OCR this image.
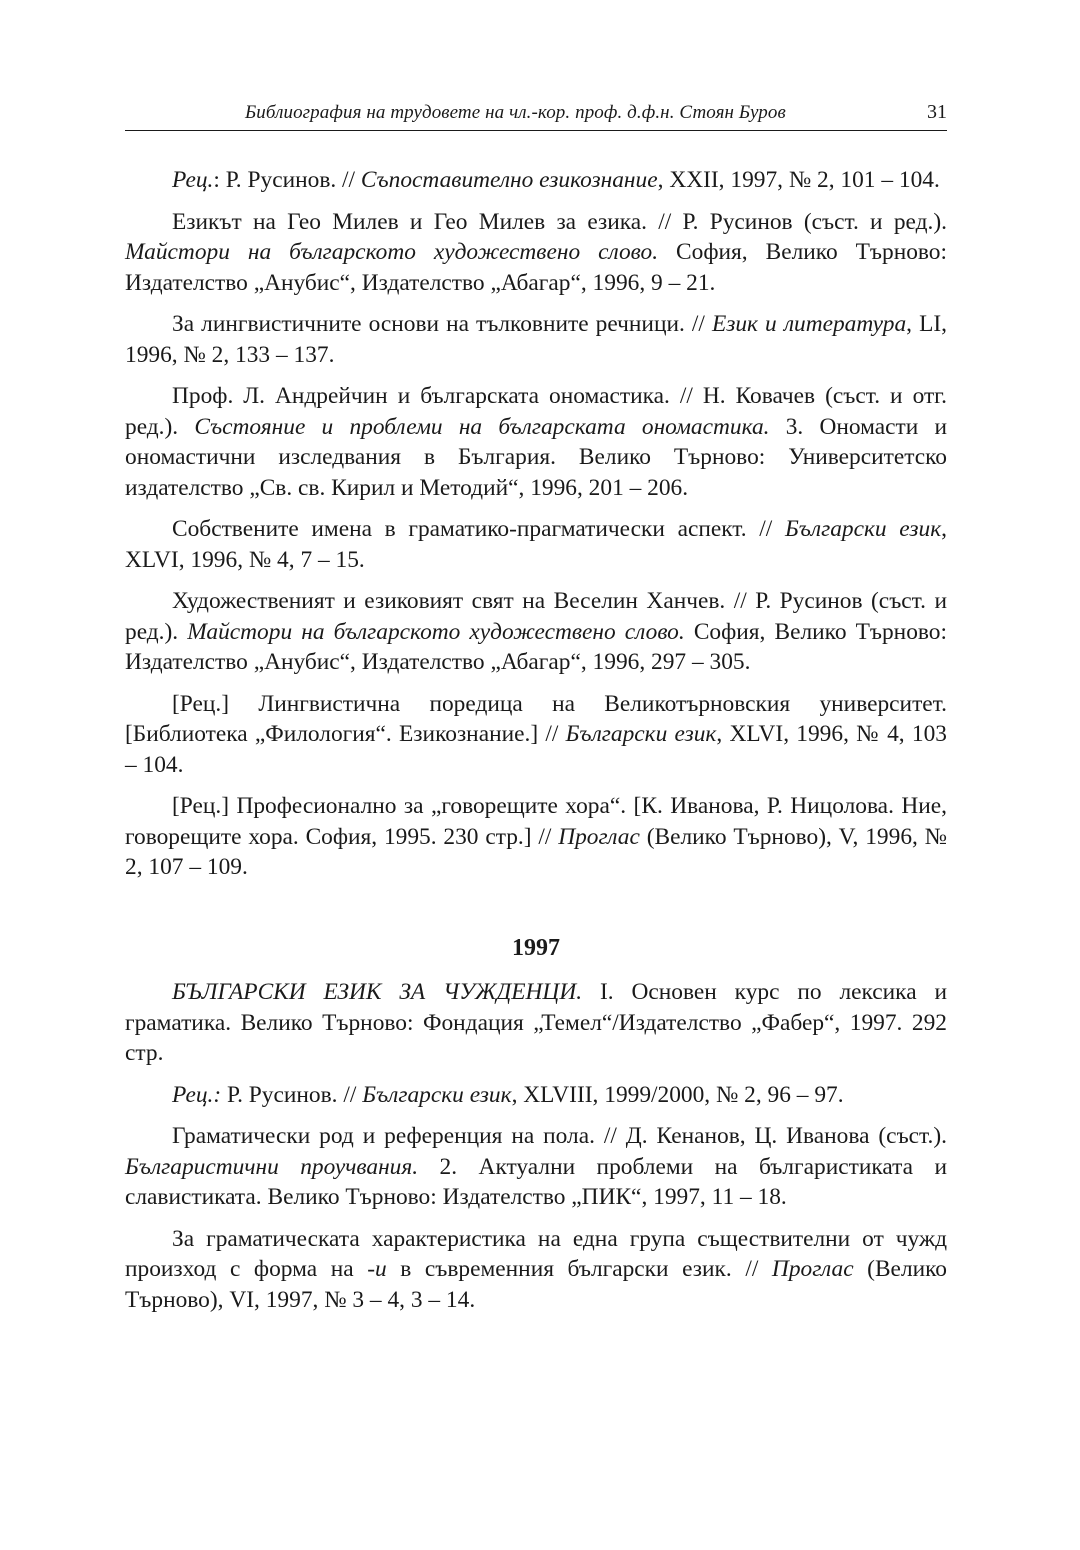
Библиография на трудовете на чл.-кор. проф. д.ф.н. Стоян Буров	31

Рец.: Р. Русинов. // Съпоставително езикознание, XXII, 1997, № 2, 101 – 104.

Езикът на Гео Милев и Гео Милев за езика. // Р. Русинов (съст. и ред.). Майстори на българското художествено слово. София, Велико Търново: Издателство „Анубис“, Издателство „Абагар“, 1996, 9 – 21.

За лингвистичните основи на тълковните речници. // Език и литература, LI, 1996, № 2, 133 – 137.

Проф. Л. Андрейчин и българската ономастика. // Н. Ковачев (съст. и отг. ред.). Състояние и проблеми на българската ономастика. 3. Ономасти и ономастични изследвания в България. Велико Търново: Университетско издателство „Св. св. Кирил и Методий“, 1996, 201 – 206.

Собствените имена в граматико-прагматически аспект. // Български език, XLVI, 1996, № 4, 7 – 15.

Художественият и езиковият свят на Веселин Ханчев. // Р. Русинов (съст. и ред.). Майстори на българското художествено слово. София, Велико Търново: Издателство „Анубис“, Издателство „Абагар“, 1996, 297 – 305.

[Рец.] Лингвистична поредица на Великотърновския университет. [Библиотека „Филология“. Езикознание.] // Български език, XLVI, 1996, № 4, 103 – 104.

[Рец.] Професионално за „говорещите хора“. [К. Иванова, Р. Ницолова. Ние, говорещите хора. София, 1995. 230 стр.] // Проглас (Велико Търново), V, 1996, № 2, 107 – 109.

1997

БЪЛГАРСКИ ЕЗИК ЗА ЧУЖДЕНЦИ. I. Основен курс по лексика и граматика. Велико Търново: Фондация „Темел“/Издателство „Фабер“, 1997. 292 стр.

Рец.: Р. Русинов. // Български език, XLVIII, 1999/2000, № 2, 96 – 97.

Граматически род и референция на пола. // Д. Кенанов, Ц. Иванова (съст.). Българистични проучвания. 2. Актуални проблеми на българистиката и славистиката. Велико Търново: Издателство „ПИК“, 1997, 11 – 18.

За граматическата характеристика на една група съществителни от чужд произход с форма на -и в съвременния български език. // Проглас (Велико Търново), VI, 1997, № 3 – 4, 3 – 14.
